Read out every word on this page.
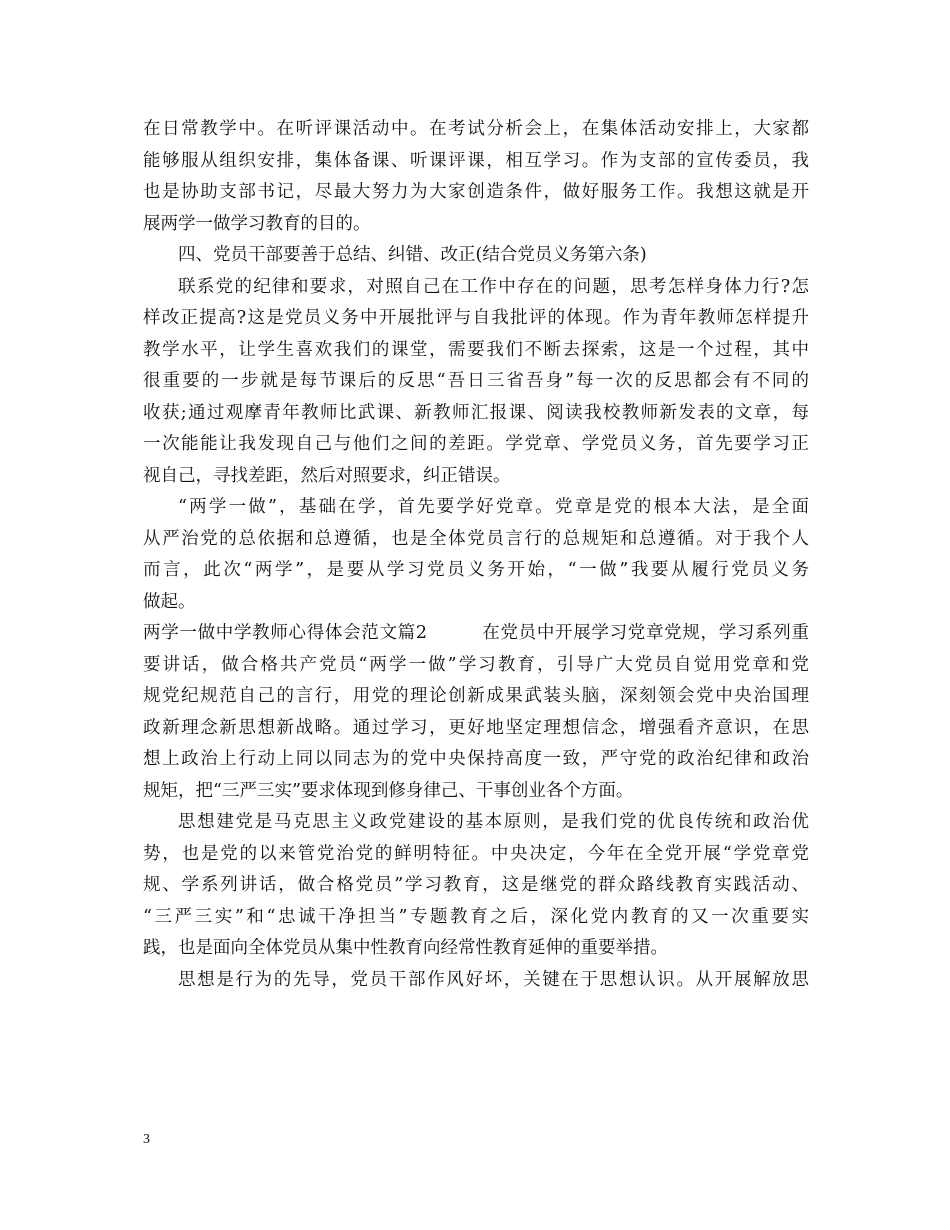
在日常教学中。在听评课活动中。在考试分析会上，在集体活动安排上，大家都
能够服从组织安排，集体备课、听课评课，相互学习。作为支部的宣传委员，我
也是协助支部书记，尽最大努力为大家创造条件，做好服务工作。我想这就是开
展两学一做学习教育的目的。
四、党员干部要善于总结、纠错、改正(结合党员义务第六条)
联系党的纪律和要求，对照自己在工作中存在的问题，思考怎样身体力行?怎
样改正提高?这是党员义务中开展批评与自我批评的体现。作为青年教师怎样提升
教学水平，让学生喜欢我们的课堂，需要我们不断去探索，这是一个过程，其中
很重要的一步就是每节课后的反思“吾日三省吾身”每一次的反思都会有不同的
收获;通过观摩青年教师比武课、新教师汇报课、阅读我校教师新发表的文章，每
一次能能让我发现自己与他们之间的差距。学党章、学党员义务，首先要学习正
视自己，寻找差距，然后对照要求，纠正错误。
“两学一做”，基础在学，首先要学好党章。党章是党的根本大法，是全面
从严治党的总依据和总遵循，也是全体党员言行的总规矩和总遵循。对于我个人
而言，此次“两学”，是要从学习党员义务开始，“一做”我要从履行党员义务
做起。
两学一做中学教师心得体会范文篇2　　　在党员中开展学习党章党规，学习系列重
要讲话，做合格共产党员“两学一做”学习教育，引导广大党员自觉用党章和党
规党纪规范自己的言行，用党的理论创新成果武装头脑，深刻领会党中央治国理
政新理念新思想新战略。通过学习，更好地坚定理想信念，增强看齐意识，在思
想上政治上行动上同以同志为的党中央保持高度一致，严守党的政治纪律和政治
规矩，把“三严三实”要求体现到修身律己、干事创业各个方面。
思想建党是马克思主义政党建设的基本原则，是我们党的优良传统和政治优
势，也是党的以来管党治党的鲜明特征。中央决定，今年在全党开展“学党章党
规、学系列讲话，做合格党员”学习教育，这是继党的群众路线教育实践活动、
“三严三实”和“忠诚干净担当”专题教育之后，深化党内教育的又一次重要实
践，也是面向全体党员从集中性教育向经常性教育延伸的重要举措。
思想是行为的先导，党员干部作风好坏，关键在于思想认识。从开展解放思
3
